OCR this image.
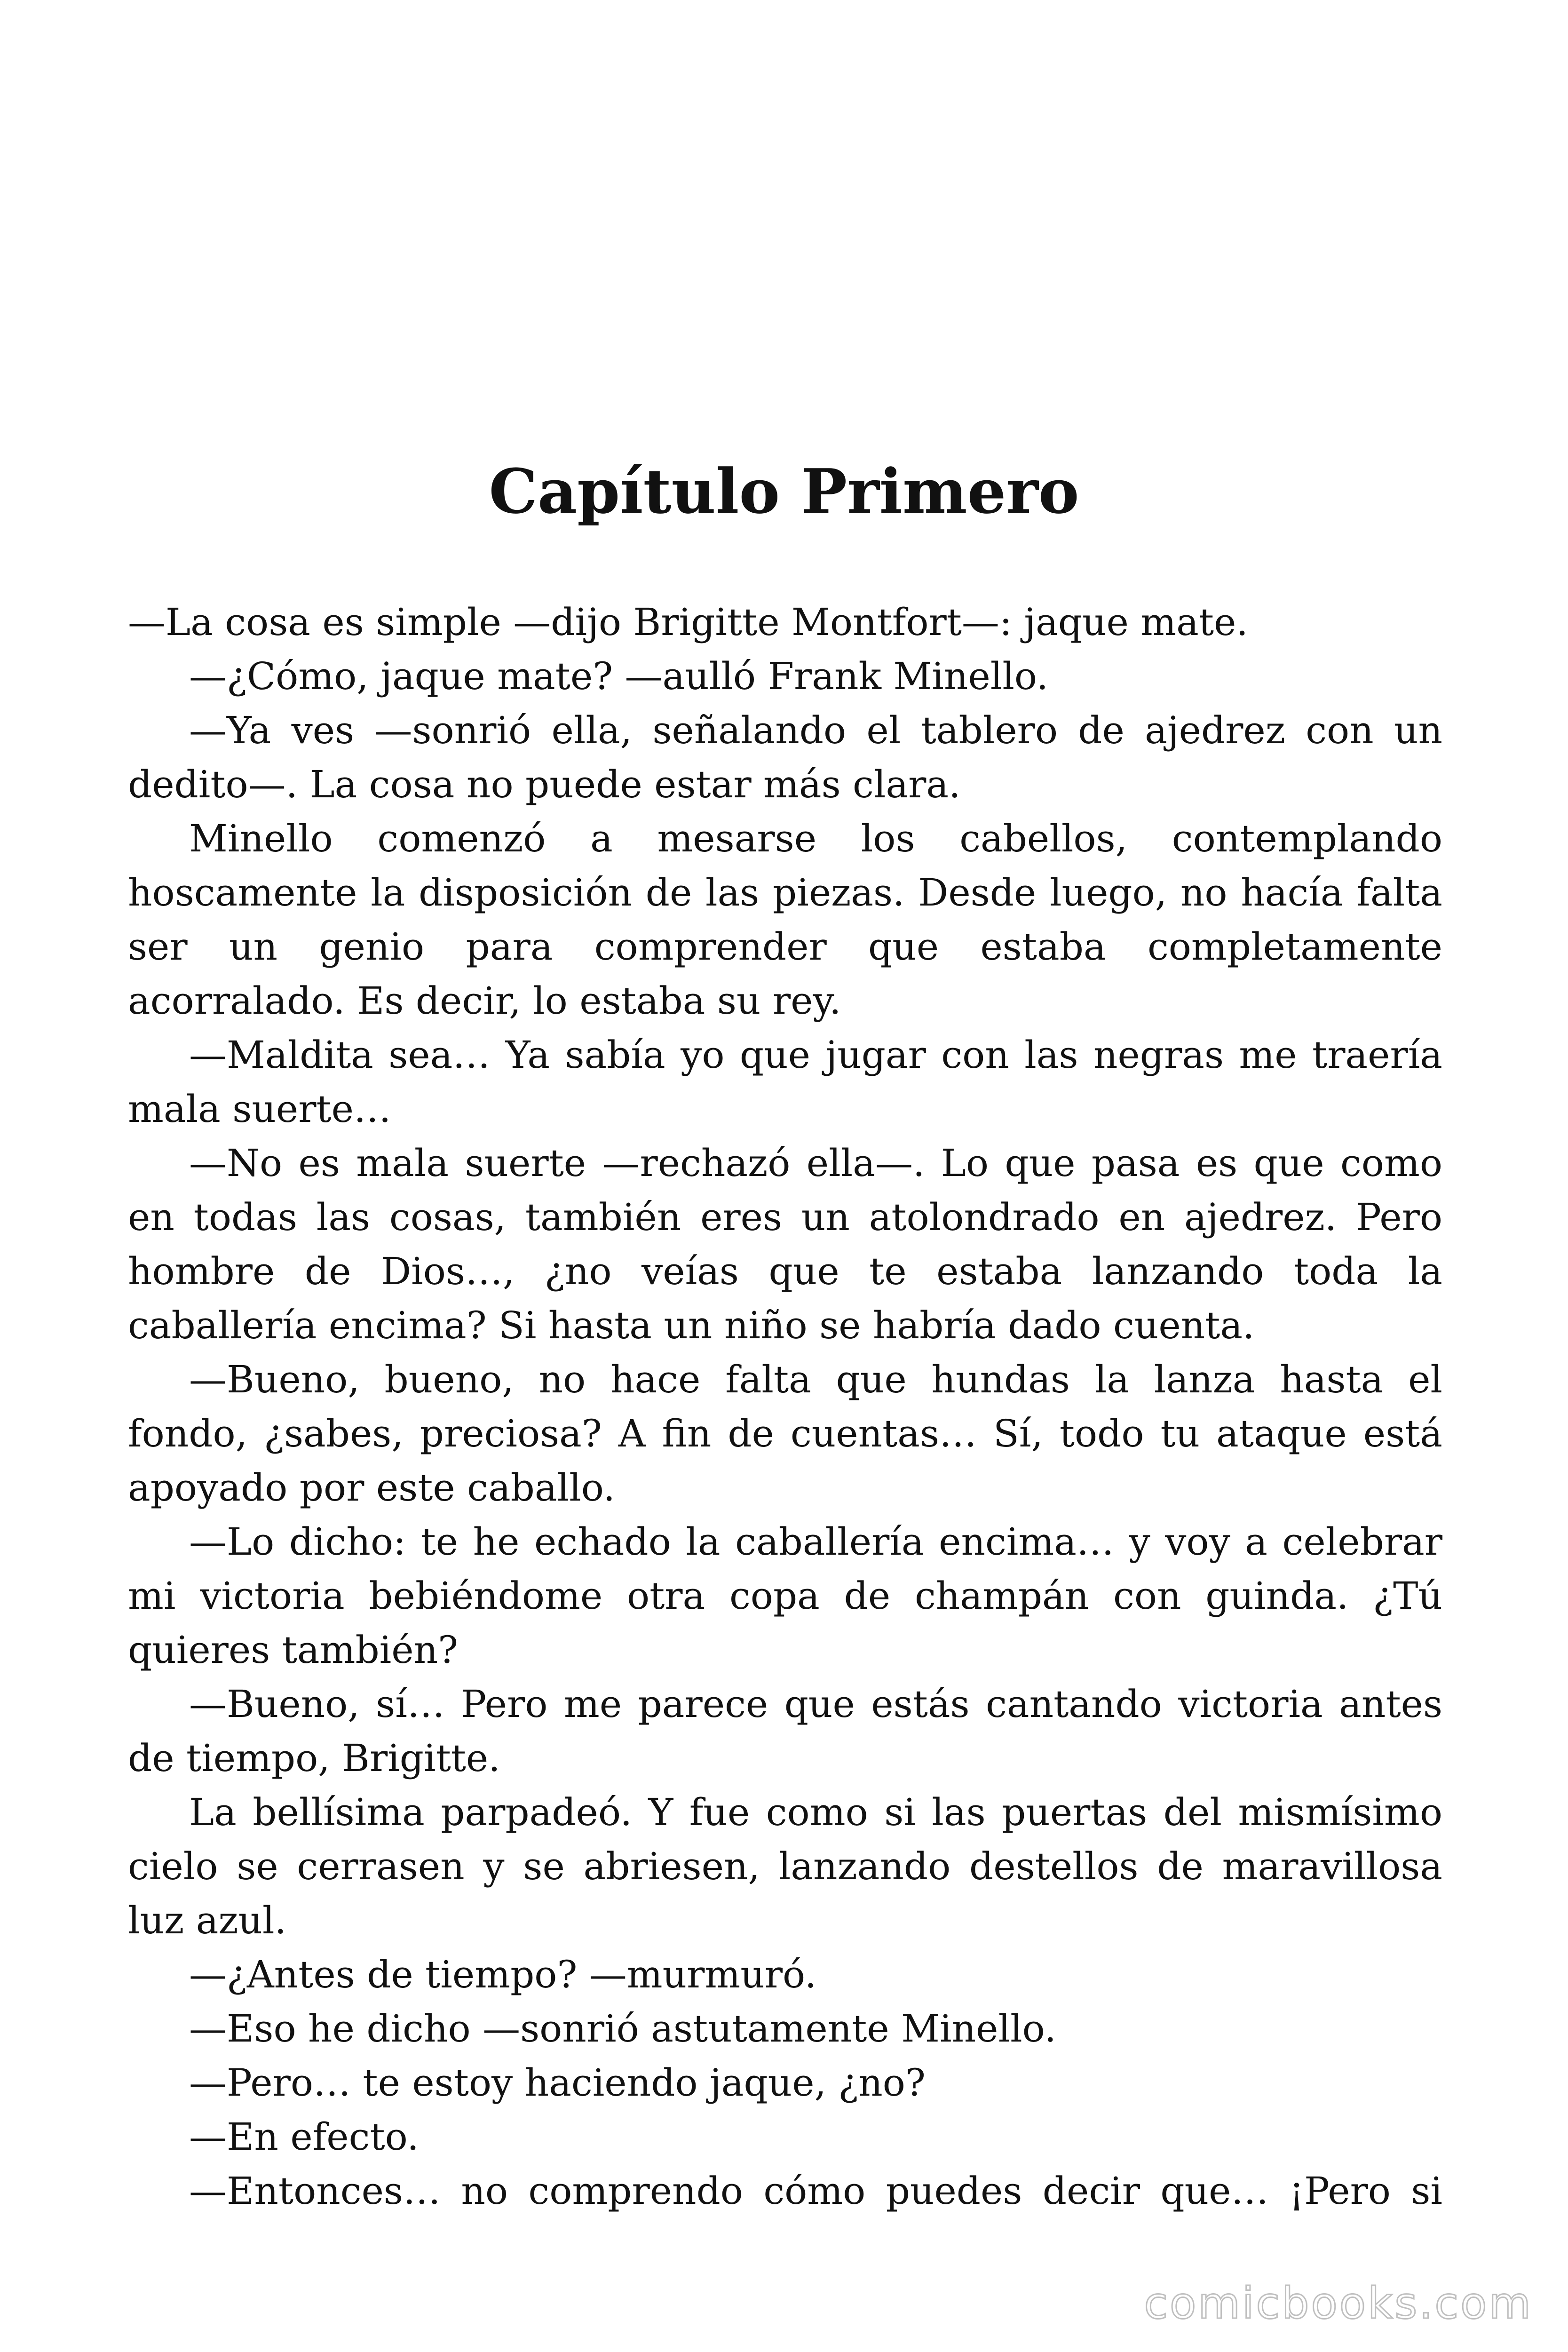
Capítulo Primero

—La cosa es simple —dijo Brigitte Montfort—: jaque mate.

—¿Cómo, jaque mate? —aulló Frank Minello.

—Ya ves —sonrió ella, señalando el tablero de ajedrez con un dedito—. La cosa no puede estar más clara.

Minello comenzó a mesarse los cabellos, contemplando hoscamente la disposición de las piezas. Desde luego, no hacía falta ser un genio para comprender que estaba completamente acorralado. Es decir, lo estaba su rey.

—Maldita sea… Ya sabía yo que jugar con las negras me traería mala suerte…

—No es mala suerte —rechazó ella—. Lo que pasa es que como en todas las cosas, también eres un atolondrado en ajedrez. Pero hombre de Dios…, ¿no veías que te estaba lanzando toda la caballería encima? Si hasta un niño se habría dado cuenta.

—Bueno, bueno, no hace falta que hundas la lanza hasta el fondo, ¿sabes, preciosa? A fin de cuentas… Sí, todo tu ataque está apoyado por este caballo.

—Lo dicho: te he echado la caballería encima… y voy a celebrar mi victoria bebiéndome otra copa de champán con guinda. ¿Tú quieres también?

—Bueno, sí… Pero me parece que estás cantando victoria antes de tiempo, Brigitte.

La bellísima parpadeó. Y fue como si las puertas del mismísimo cielo se cerrasen y se abriesen, lanzando destellos de maravillosa luz azul.

—¿Antes de tiempo? —murmuró.

—Eso he dicho —sonrió astutamente Minello.

—Pero… te estoy haciendo jaque, ¿no?

—En efecto.

—Entonces… no comprendo cómo puedes decir que… ¡Pero si

comicbooks.com
